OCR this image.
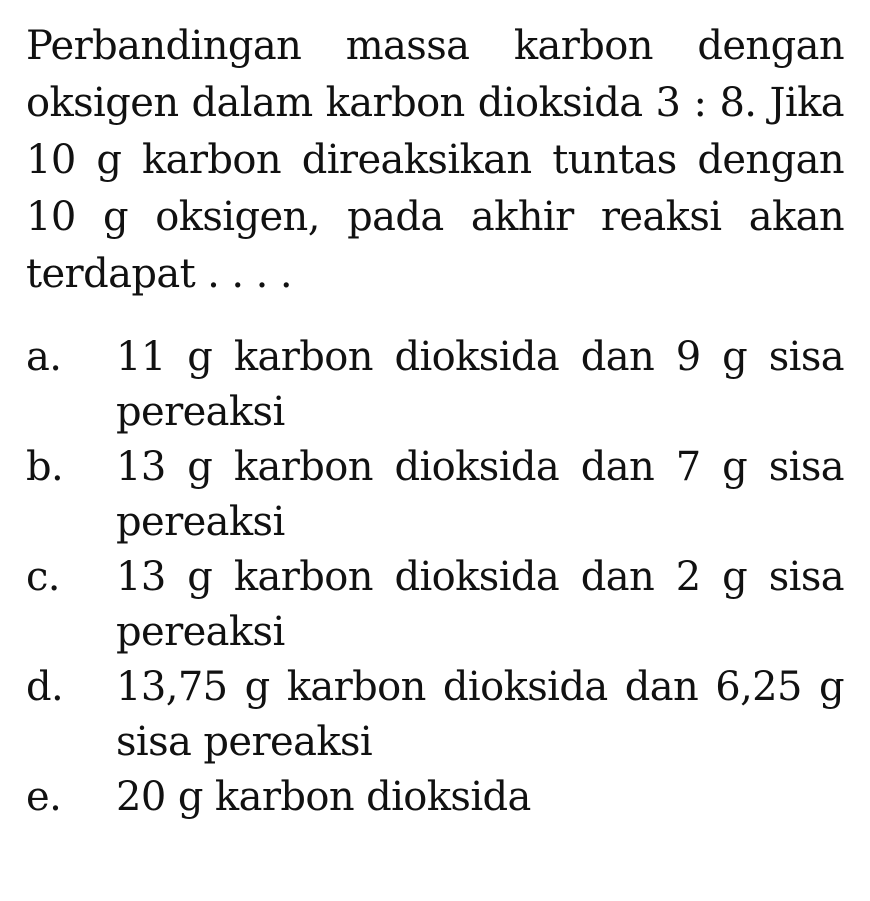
Perbandingan massa karbon dengan oksigen dalam karbon dioksida 3 : 8. Jika 10 g karbon direaksikan tuntas dengan 10 g oksigen, pada akhir reaksi akan terdapat . . . .
a.	11 g karbon dioksida dan 9 g sisa pereaksi
b.	13 g karbon dioksida dan 7 g sisa pereaksi
c.	13 g karbon dioksida dan 2 g sisa pereaksi
d.	13,75 g karbon dioksida dan 6,25 g sisa pereaksi
e.	20 g karbon dioksida
